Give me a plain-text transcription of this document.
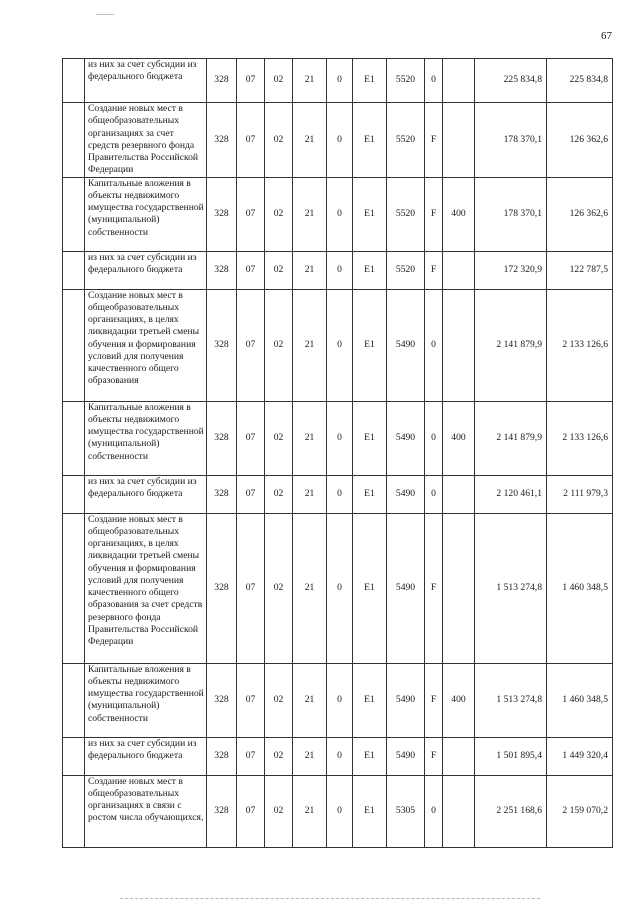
67
	из них за счет субсидии из федерального бюджета	328	07	02	21	0	E1	5520	0		225 834,8	225 834,8
	Создание новых мест в общеобразовательных организациях за счет средств резервного фонда Правительства Российской Федерации	328	07	02	21	0	E1	5520	F		178 370,1	126 362,6
	Капитальные вложения в объекты недвижимого имущества государственной (муниципальной) собственности	328	07	02	21	0	E1	5520	F	400	178 370,1	126 362,6
	из них за счет субсидии из федерального бюджета	328	07	02	21	0	E1	5520	F		172 320,9	122 787,5
	Создание новых мест в общеобразовательных организациях, в целях ликвидации третьей смены обучения и формирования условий для получения качественного общего образования	328	07	02	21	0	E1	5490	0		2 141 879,9	2 133 126,6
	Капитальные вложения в объекты недвижимого имущества государственной (муниципальной) собственности	328	07	02	21	0	E1	5490	0	400	2 141 879,9	2 133 126,6
	из них за счет субсидии из федерального бюджета	328	07	02	21	0	E1	5490	0		2 120 461,1	2 111 979,3
	Создание новых мест в общеобразовательных организациях, в целях ликвидации третьей смены обучения и формирования условий для получения качественного общего образования за счет средств резервного фонда Правительства Российской Федерации	328	07	02	21	0	E1	5490	F		1 513 274,8	1 460 348,5
	Капитальные вложения в объекты недвижимого имущества государственной (муниципальной) собственности	328	07	02	21	0	E1	5490	F	400	1 513 274,8	1 460 348,5
	из них за счет субсидии из федерального бюджета	328	07	02	21	0	E1	5490	F		1 501 895,4	1 449 320,4
	Создание новых мест в общеобразовательных организациях в связи с ростом числа обучающихся,	328	07	02	21	0	E1	5305	0		2 251 168,6	2 159 070,2
